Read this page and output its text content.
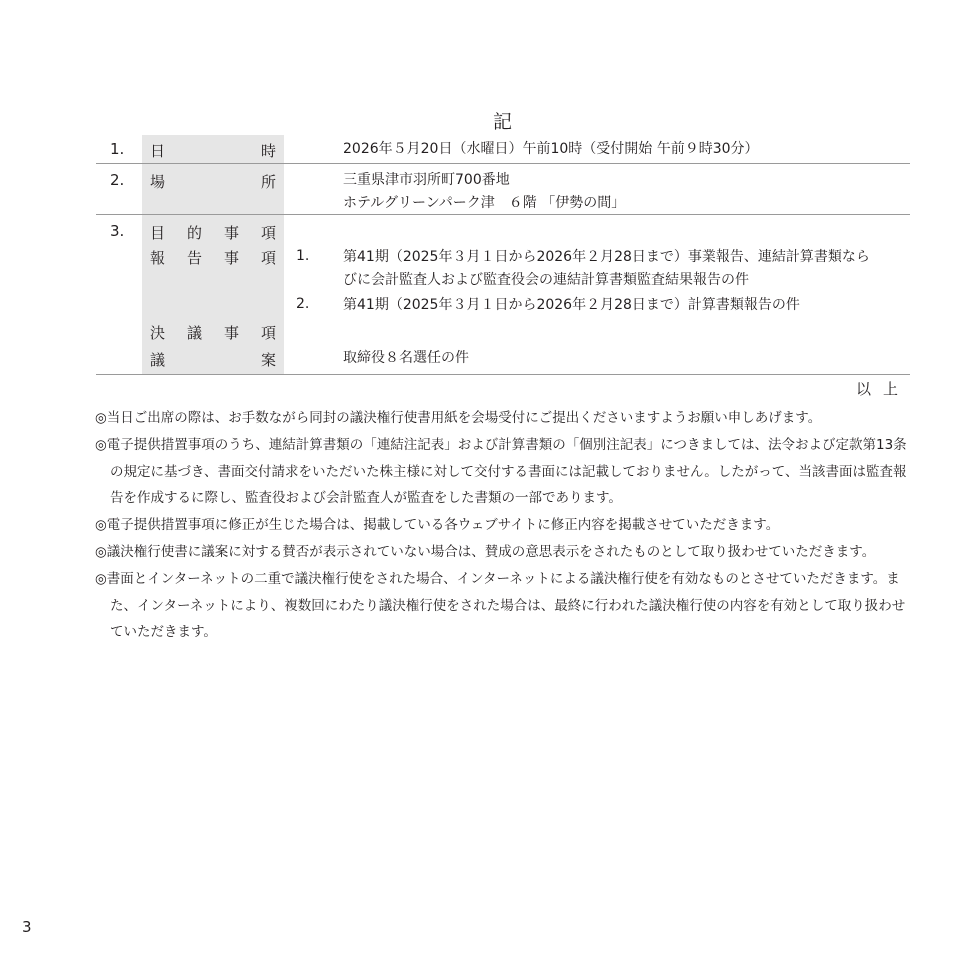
記
1. 日時	2026年５月20日（水曜日）午前10時（受付開始 午前９時30分）
2. 場所	三重県津市羽所町700番地
ホテルグリーンパーク津　６階 「伊勢の間」
3. 目的事項
報告事項 1. 第41期（2025年３月１日から2026年２月28日まで）事業報告、連結計算書類なら
びに会計監査人および監査役会の連結計算書類監査結果報告の件
2. 第41期（2025年３月１日から2026年２月28日まで）計算書類報告の件
決議事項
議案	取締役８名選任の件
以上
◎当日ご出席の際は、お手数ながら同封の議決権行使書用紙を会場受付にご提出くださいますようお願い申しあげます。
◎電子提供措置事項のうち、連結計算書類の「連結注記表」および計算書類の「個別注記表」につきましては、法令および定款第13条の規定に基づき、書面交付請求をいただいた株主様に対して交付する書面には記載しておりません。したがって、当該書面は監査報告を作成するに際し、監査役および会計監査人が監査をした書類の一部であります。
◎電子提供措置事項に修正が生じた場合は、掲載している各ウェブサイトに修正内容を掲載させていただきます。
◎議決権行使書に議案に対する賛否が表示されていない場合は、賛成の意思表示をされたものとして取り扱わせていただきます。
◎書面とインターネットの二重で議決権行使をされた場合、インターネットによる議決権行使を有効なものとさせていただきます。また、インターネットにより、複数回にわたり議決権行使をされた場合は、最終に行われた議決権行使の内容を有効として取り扱わせていただきます。
3
